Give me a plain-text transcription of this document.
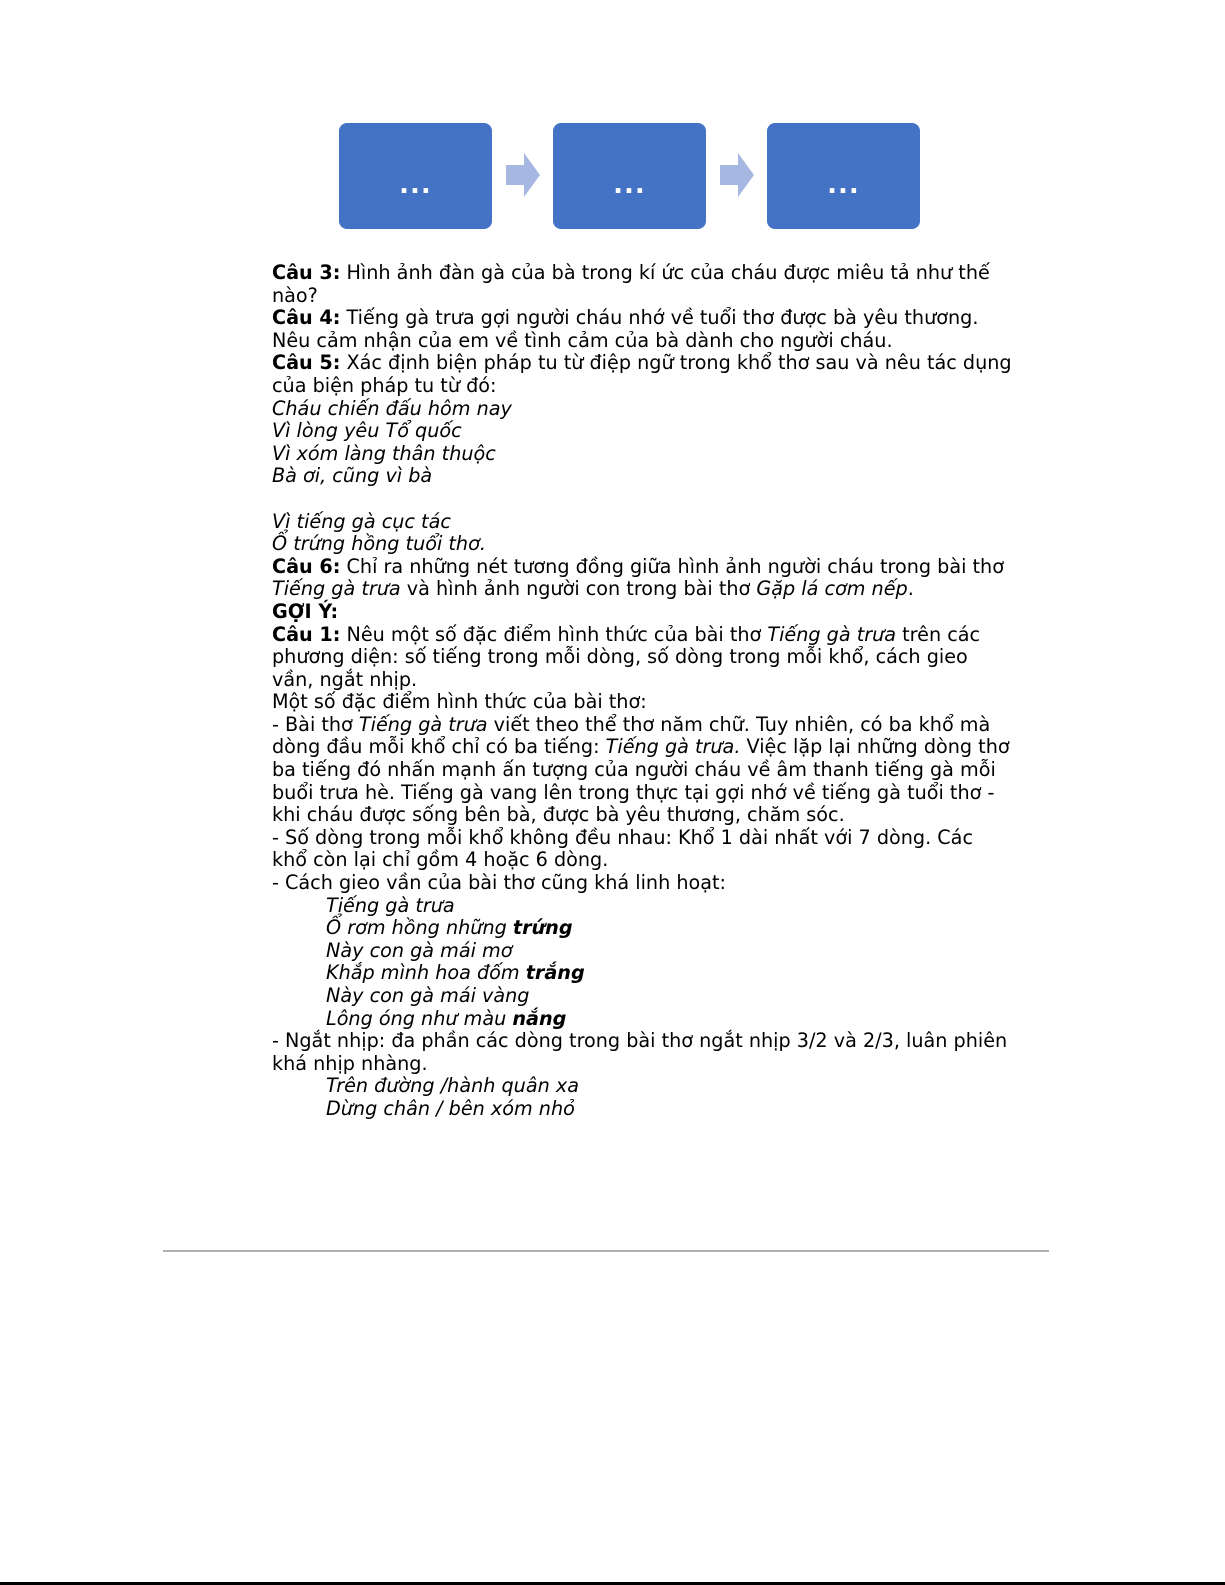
...	...	...

Câu 3: Hình ảnh đàn gà của bà trong kí ức của cháu được miêu tả như thế nào?

Câu 4: Tiếng gà trưa gợi người cháu nhớ về tuổi thơ được bà yêu thương. Nêu cảm nhận của em về tình cảm của bà dành cho người cháu.

Câu 5: Xác định biện pháp tu từ điệp ngữ trong khổ thơ sau và nêu tác dụng của biện pháp tu từ đó:

Cháu chiến đấu hôm nay

Vì lòng yêu Tổ quốc

Vì xóm làng thân thuộc

Bà ơi, cũng vì bà

Vì tiếng gà cục tác

Ổ trứng hồng tuổi thơ.

Câu 6: Chỉ ra những nét tương đồng giữa hình ảnh người cháu trong bài thơ Tiếng gà trưa và hình ảnh người con trong bài thơ Gặp lá cơm nếp.

GỢI Ý:

Câu 1: Nêu một số đặc điểm hình thức của bài thơ Tiếng gà trưa trên các phương diện: số tiếng trong mỗi dòng, số dòng trong mỗi khổ, cách gieo vần, ngắt nhịp.

Một số đặc điểm hình thức của bài thơ:

- Bài thơ Tiếng gà trưa viết theo thể thơ năm chữ. Tuy nhiên, có ba khổ mà dòng đầu mỗi khổ chỉ có ba tiếng: Tiếng gà trưa. Việc lặp lại những dòng thơ ba tiếng đó nhấn mạnh ấn tượng của người cháu về âm thanh tiếng gà mỗi buổi trưa hè. Tiếng gà vang lên trong thực tại gợi nhớ về tiếng gà tuổi thơ - khi cháu được sống bên bà, được bà yêu thương, chăm sóc.

- Số dòng trong mỗi khổ không đều nhau: Khổ 1 dài nhất với 7 dòng. Các khổ còn lại chỉ gồm 4 hoặc 6 dòng.

- Cách gieo vần của bài thơ cũng khá linh hoạt:

Tiếng gà trưa

Ổ rơm hồng những trứng

Này con gà mái mơ

Khắp mình hoa đốm trắng

Này con gà mái vàng

Lông óng như màu nắng

- Ngắt nhịp: đa phần các dòng trong bài thơ ngắt nhịp 3/2 và 2/3, luân phiên khá nhịp nhàng.

Trên đường /hành quân xa

Dừng chân / bên xóm nhỏ
